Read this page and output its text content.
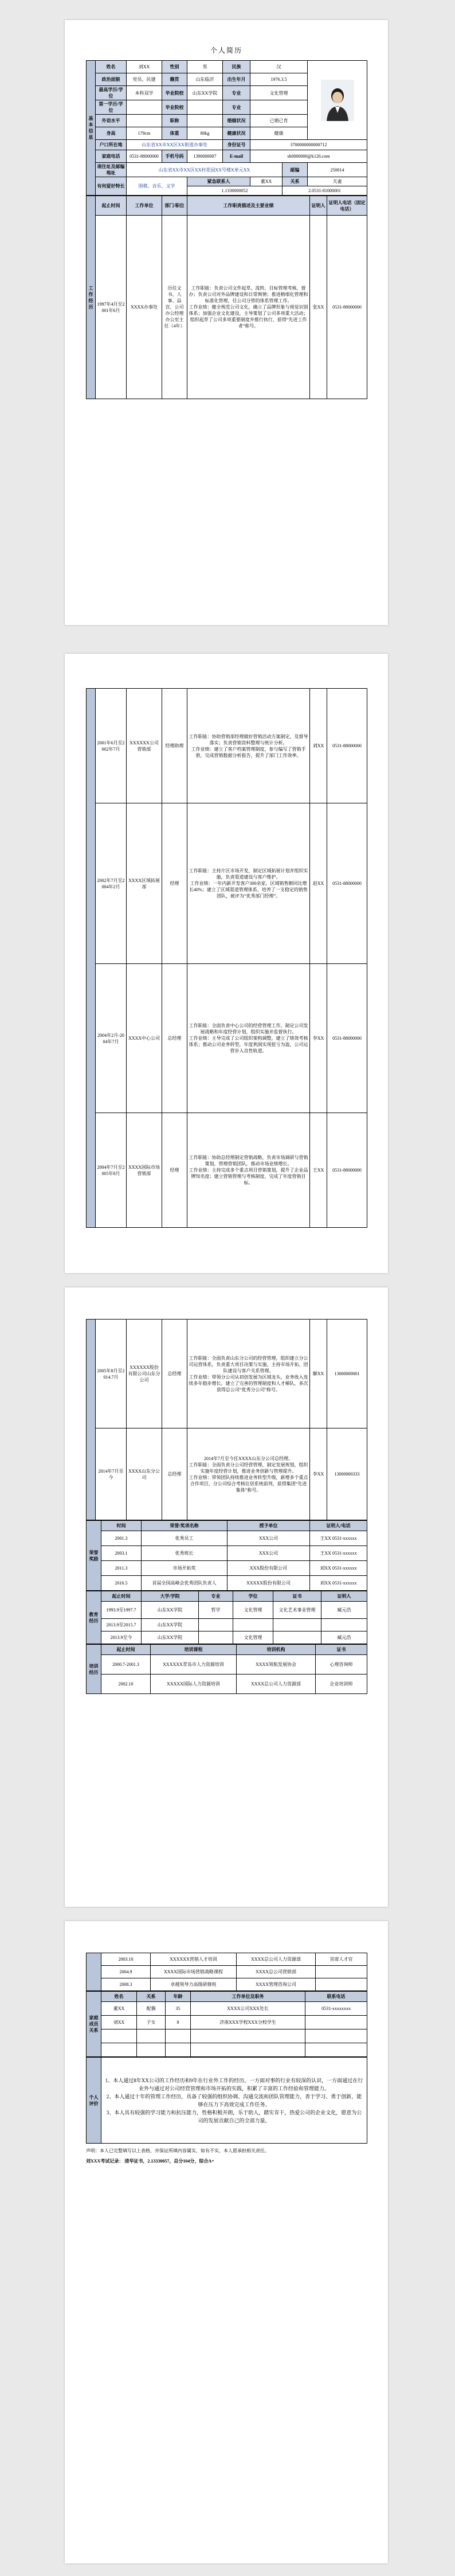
个人简历
基本信息	姓名	刘XX	性别	男	民族	汉	

	政治面貌	党员、民建	籍贯	山东临沂	出生年月	1976.3.5		
	最高学历/学位	本科双学	毕业院校	山东XX学院	专业	文化管理		
	第一学历/学位		毕业院校		专业			
	外语水平		职称		婚姻状况	已婚已育		
	身高	179cm	体重	80kg	健康状况	健康		
	户口所在地	山东省XX市XX区XX街道办事处			身份证号	3700000000000712		
	家庭电话	0531-88000000	手机号码	1390000007	E-mail	sh0000000@k126.com		
	现住址及邮编地址	山东省XX市XX区XX村花园XX号楼X单元XX					邮编	250014
	有何爱好特长	围棋、音乐、文学		紧急联系人		董XX	关系	夫妻
				1.1330000052			2.0531-81000001	
工作经历	起止时间	工作单位	部门/职位	工作职责描述及主要业绩	证明人	证明人电话（固定电话）
	1997年4月至2001年6月	XXXX办事处	历任文书、人事、品宣、公司办公经理办公室主任（4年）	工作职能：负责公司文件起草，流转，目标管理考核，督办；负责公司对外品牌建设和日常舆情；推进精细化管理和标准化管理，任公司分管的体系管理工作。
工作业绩：健全规范公司文化，确立了品牌形象与视觉识别体系；加强企业文化建设，主导策划了公司多项重大活动；组织起草了公司多项重要制度并推行执行，获得“先进工作者”称号。	张XX	0531-88000000
	2001年6月至2002年7月	XXXXXX公司营销部	经理助理	工作职能：协助营销部经理做好营销活动方案制定，及督导落实；负责营销资料整理与统计分析。
工作业绩：建立了客户档案管理制度，参与编写了营销手册，完成营销数据分析报告，提升了部门工作效率。	刘XX	0531-88000000
	2002年7月至2004年2月	XXXX区域拓展部	经理	工作职能：主持片区市场开发，制定区域拓展计划并组织实施，负责渠道建设与客户维护。
工作业绩：一年内新开发客户300余家，区域销售额同比增长40%；建立了区域渠道管理体系，培养了一支稳定的销售团队，被评为“优秀部门经理”。	赵XX	0531-88000000
	2004年2月-2004年7月	XXXX中心公司	总经理	工作职能：全面负责中心公司的经营管理工作，制定公司发展战略和年度经营计划，组织实施并监督执行。
工作业绩：主导完成了公司组织架构调整，建立了绩效考核体系；推动公司业务转型，年度利润实现扭亏为盈，公司运营步入良性轨道。	李XX	0531-88000000
	2004年7月至2005年8月	XXXX国际市场营销部	经理	工作职能：协助总经理制定营销战略，负责市场调研与营销策划，管理营销团队，推动市场业绩增长。
工作业绩：主持完成多个重点项目营销策划，提升了企业品牌知名度；建立营销管理与考核制度，完成了年度营销目标。	王XX	0531-88000000
	2005年8月至2014.7月	XXXXXX股份有限公司山东分公司	总经理	工作职能：全面负责山东分公司的经营管理，组织建立分公司运营体系，负责重大项目决策与实施，主持市场开拓、团队建设与客户关系管理。
工作业绩：带领分公司从初创发展为区域龙头，业务收入连续多年稳步增长，建立了完善的管理制度和人才梯队，多次获得总公司“优秀分公司”称号。	解XX	13000000001
	2014年7月至今	XXXX山东分公司	总经理	2014年7月至今任XXXX山东分公司总经理。
工作职能：全面负责分公司经营管理，制定发展规划，组织实施年度经营计划，推进业务创新与管理提升。
工作业绩：带领团队持续推进业务转型升级，新增多个重点合作项目，分公司综合考核位居系统前列，获得集团“先进集体”称号。	李XX	13000000333
荣誉奖励	时间	荣誉/奖项名称	授予单位	证明人/电话
	2001.3	优秀员工	XXX公司	王XX 0531-xxxxxx
	2003.1	优秀班长	XXX公司	王XX 0531-xxxxxx
	2011.3	市场开拓奖	XXX股份有限公司	刘XX 0531-xxxxxx
	2016.5	首届全国高峰会优秀团队负责人	XXXXX股份有限公司	刘XX 0531-xxxxxx
教育经历	起止时间	大学/学院	专业	学位	证书	证明人
	1993.9至1997.7	山东XX学院	哲学	文化管理	文化艺术事业管理	臧元浩
	2013.9至2015.7	山东XX学院				
	2013.9至今	山东XX学院		文化管理		臧元浩
培训经历	起止时间	培训课程	培训机构	证书
	2000.7-2001.3	XXXXXX青岛市人力资源培训	XXXX领航发展协会	心理咨询师
	2002.10	XXXXX国际人力资源培训	XXXX总公司人力资源部	企业培训师
	2003.10	XXXXXX营销人才培训	XXXX总公司人力资源部	首席人才官
	2004.9	XXXX国际市场营销战略课程	XXXX总公司营销部	
	2008.3	卓越领导力高级研修班	XXXX管理咨询公司	
家庭成员关系	姓名	关系	年龄	工作单位及职务	联系电话
	董XX	配偶	35	XXXX公司XXX处长	0531-xxxxxxxx
	刘XX	子女	8	济南XXX学校XXX分校学生	

个人评价	1、本人通过8年XX公司的工作经历和9年在行业外工作的经历，一方面对事的行业有较深的认识，一方面通过在行业外与通过对公司经营管理和市场开拓的实践，积累了丰富的工作经验和管理能力。
2、本人通过十年的管理工作经历，具备了较强的组织协调、沟通交流和团队管理能力，善于学习、勇于创新，能够在压力下高效完成工作任务。
3、本人具有较强的学习能力和抗压能力，性格积极开朗，乐于助人，踏实肯干，热爱公司的企业文化，愿意为公司的发展贡献自己的全部力量。
声明：本人已完整填写以上表格，并保证所填内容属实，如有不实，本人愿承担相关责任。
刘XXX考试记录： 清华证书，2.13330057，总分104分，综合A+
